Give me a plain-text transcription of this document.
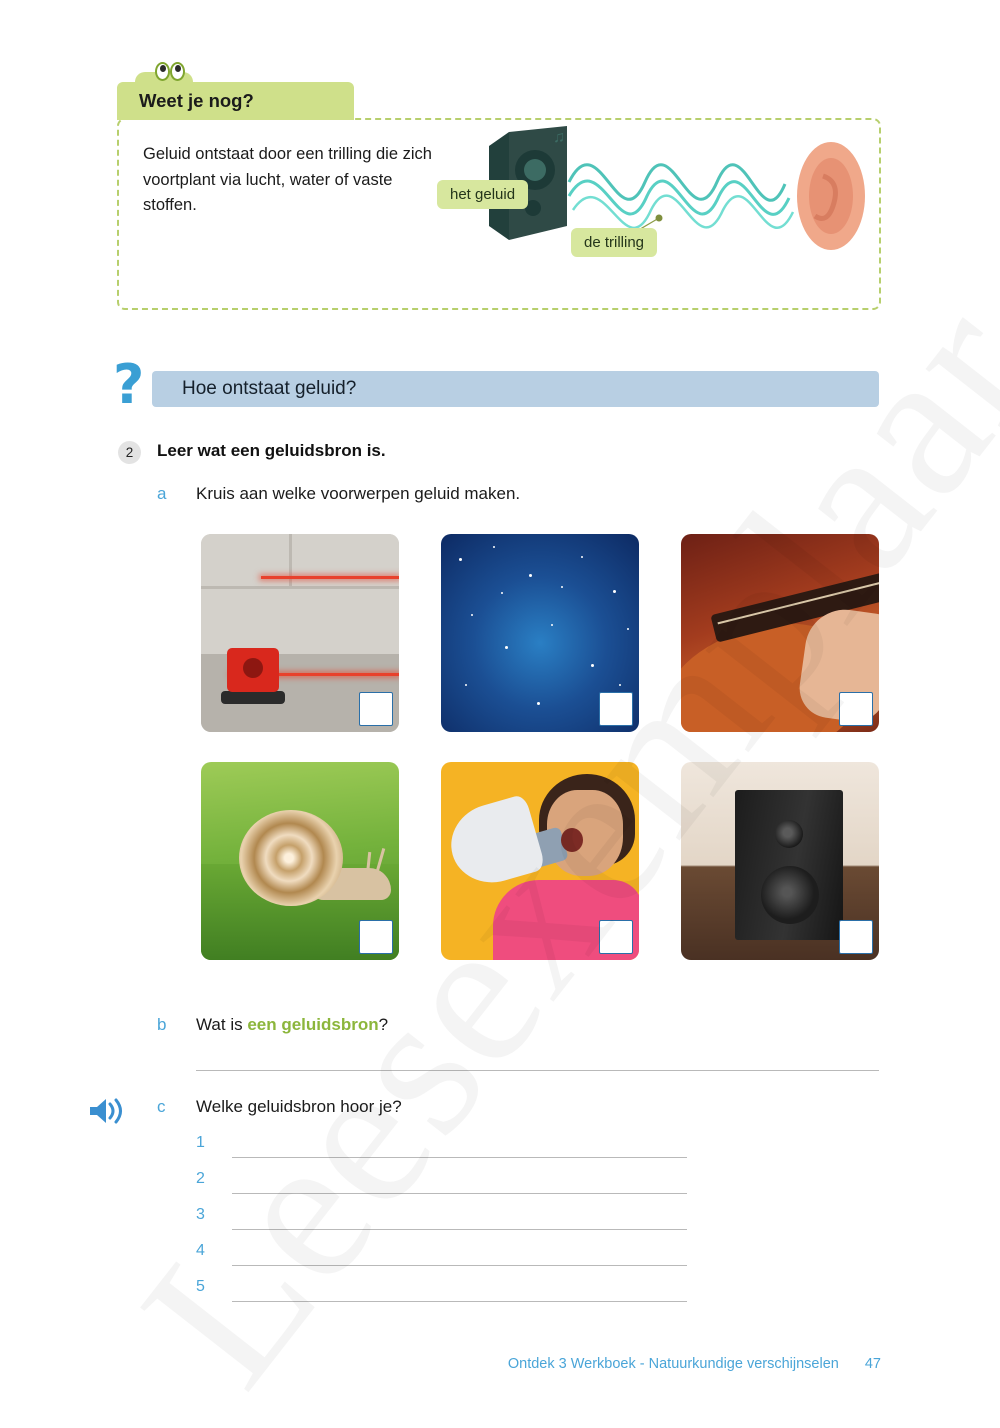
Weet je nog?
Geluid ontstaat door een trilling die zich voortplant via lucht, water of vaste stoffen.
♫
het geluid
de trilling
?	Hoe ontstaat geluid?
2	Leer wat een geluidsbron is.
a Kruis aan welke voorwerpen geluid maken.
b Wat is een geluidsbron?
c Welke geluidsbron hoor je?
1
2
3
4
5
Ontdek 3 Werkboek - Natuurkundige verschijnselen 47
